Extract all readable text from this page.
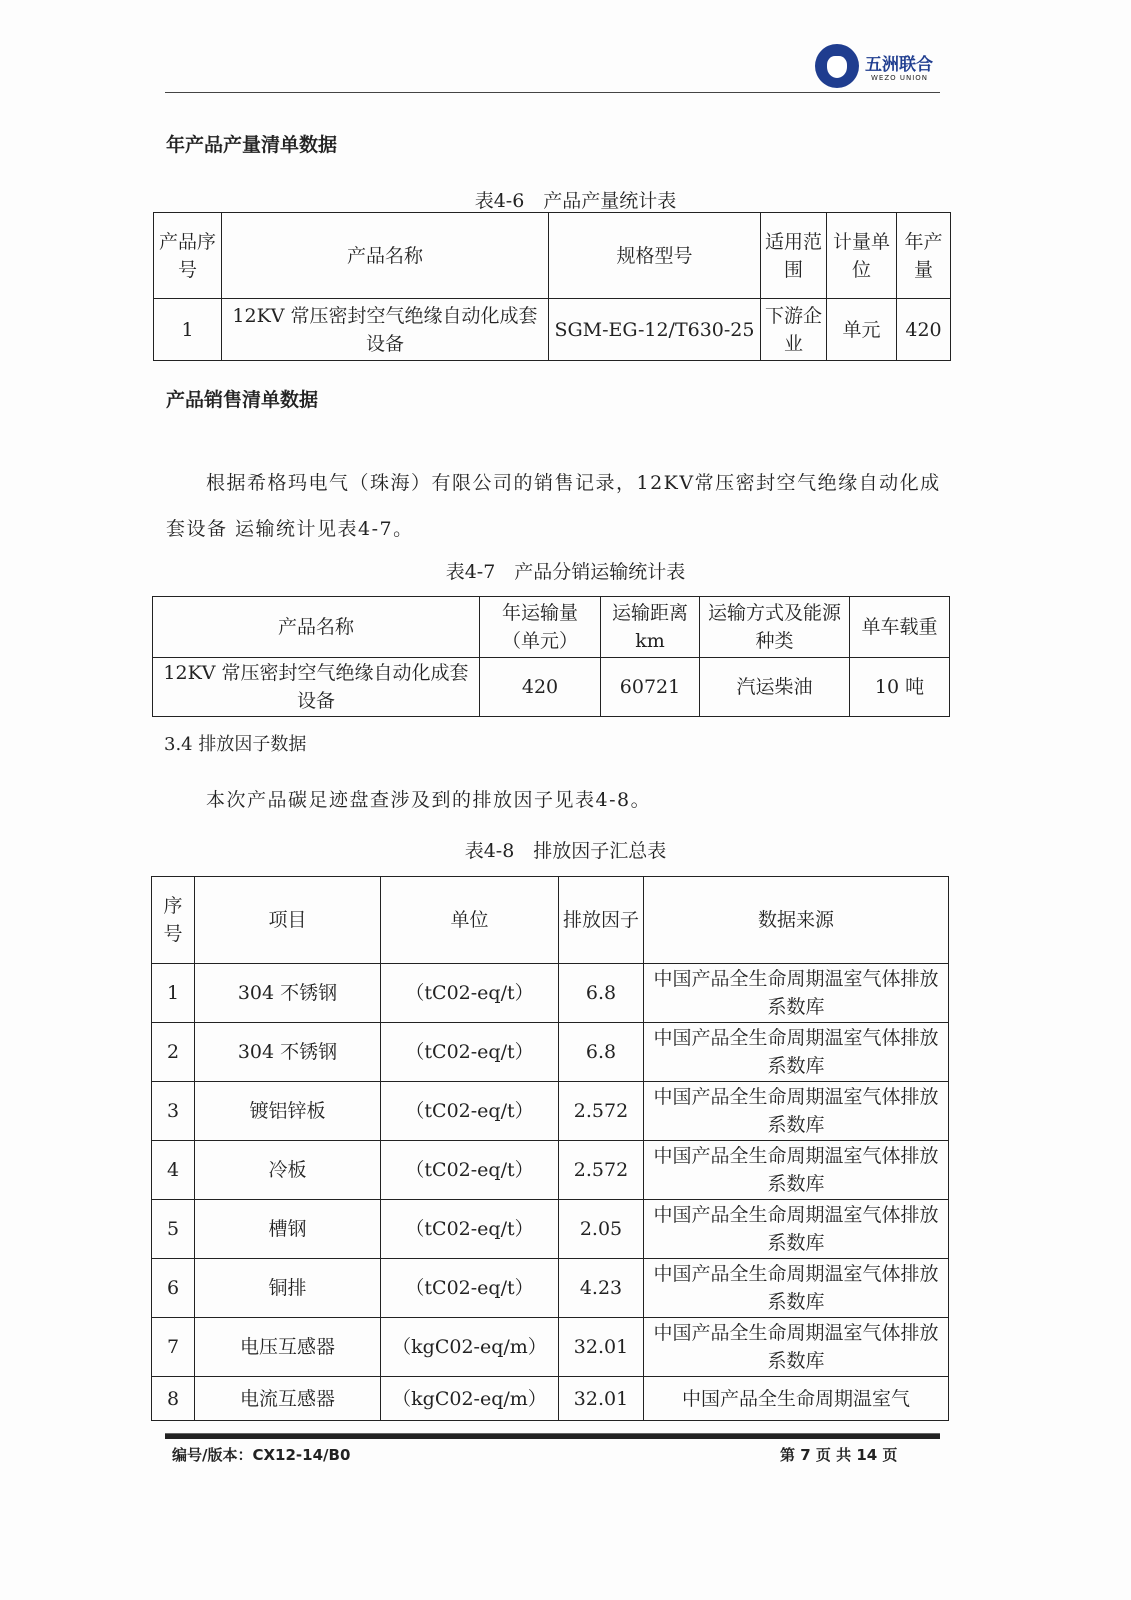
五洲联合
WEZO UNION
年产品产量清单数据
表4-6　产品产量统计表
产品序号	产品名称	规格型号	适用范围	计量单位	年产量
1	12KV 常压密封空气绝缘自动化成套设备	SGM-EG-12/T630-25	下游企业	单元	420
产品销售清单数据
根据希格玛电气（珠海）有限公司的销售记录，12KV常压密封空气绝缘自动化成套设备 运输统计见表4-7。
表4-7　产品分销运输统计表
产品名称	年运输量（单元）	运输距离 km	运输方式及能源种类	单车载重
12KV 常压密封空气绝缘自动化成套设备	420	60721	汽运柴油	10 吨
3.4 排放因子数据
本次产品碳足迹盘查涉及到的排放因子见表4-8。
表4-8　排放因子汇总表
序号	项目	单位	排放因子	数据来源
1	304 不锈钢	（tC02-eq/t）	6.8	中国产品全生命周期温室气体排放系数库
2	304 不锈钢	（tC02-eq/t）	6.8	中国产品全生命周期温室气体排放系数库
3	镀铝锌板	（tC02-eq/t）	2.572	中国产品全生命周期温室气体排放系数库
4	冷板	（tC02-eq/t）	2.572	中国产品全生命周期温室气体排放系数库
5	槽钢	（tC02-eq/t）	2.05	中国产品全生命周期温室气体排放系数库
6	铜排	（tC02-eq/t）	4.23	中国产品全生命周期温室气体排放系数库
7	电压互感器	（kgC02-eq/m）	32.01	中国产品全生命周期温室气体排放系数库
8	电流互感器	（kgC02-eq/m）	32.01	中国产品全生命周期温室气
编号/版本：CX12-14/B0	第 7 页 共 14 页
